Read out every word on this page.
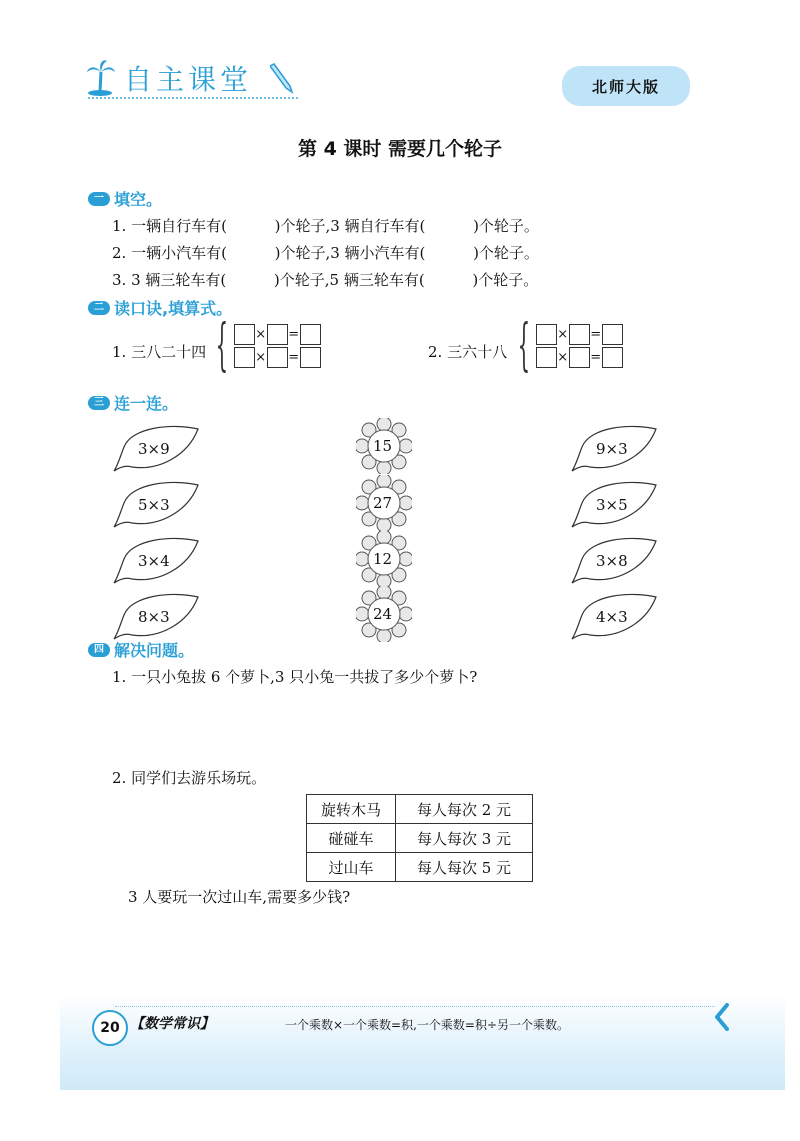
自主课堂	北师大版
第 4 课时 需要几个轮子
一 填空。
1. 一辆自行车有(          )个轮子,3 辆自行车有(          )个轮子。
2. 一辆小汽车有(          )个轮子,3 辆小汽车有(          )个轮子。
3. 3 辆三轮车有(          )个轮子,5 辆三轮车有(          )个轮子。
二 读口诀,填算式。
1. 三八二十四 { × =
× =	2. 三六十八 { × =
× =
三 连一连。
3×9
5×3
3×4
8×3
15
27
12
24
9×3
3×5
3×8
4×3
四 解决问题。
1. 一只小兔拔 6 个萝卜,3 只小兔一共拔了多少个萝卜?
2. 同学们去游乐场玩。
旋转木马	每人每次 2 元
碰碰车	每人每次 3 元
过山车	每人每次 5 元
3 人要玩一次过山车,需要多少钱?
20 【数学常识】	一个乘数×一个乘数=积,一个乘数=积÷另一个乘数。
